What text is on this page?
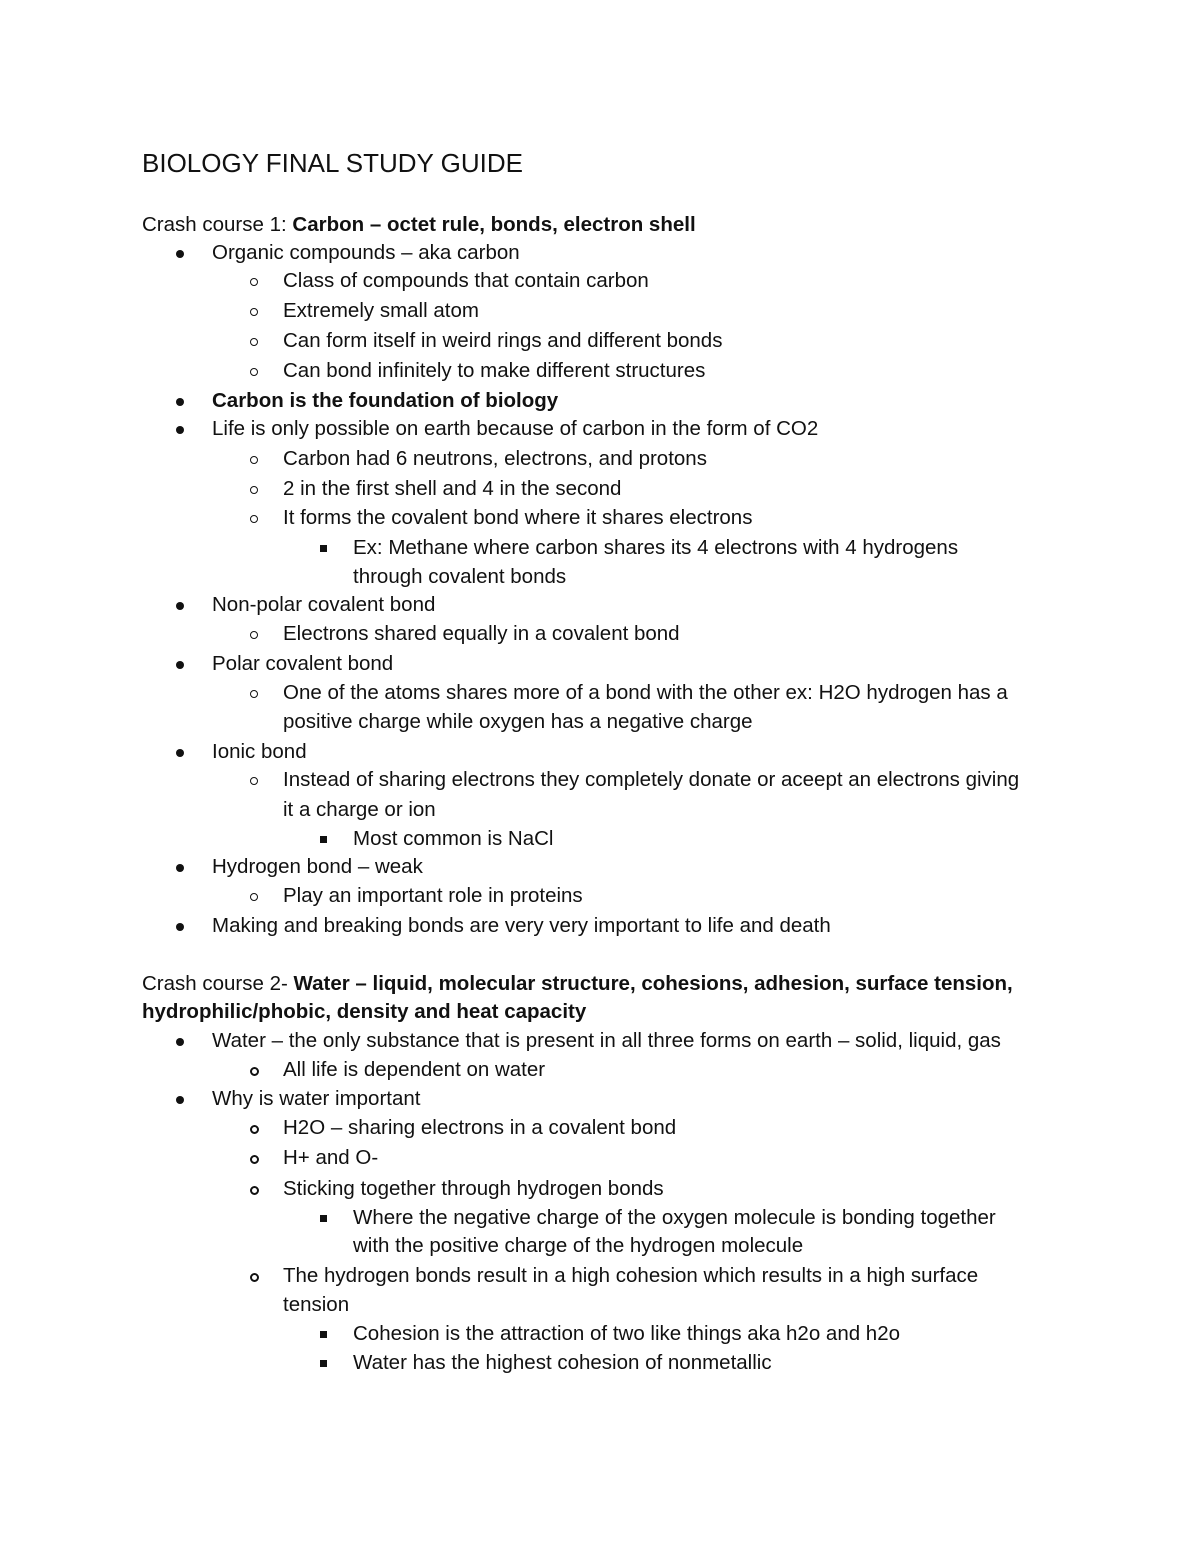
BIOLOGY FINAL STUDY GUIDE
Crash course 1: Carbon – octet rule, bonds, electron shell
Organic compounds – aka carbon
Class of compounds that contain carbon
Extremely small atom
Can form itself in weird rings and different bonds
Can bond infinitely to make different structures
Carbon is the foundation of biology
Life is only possible on earth because of carbon in the form of CO2
Carbon had 6 neutrons, electrons, and protons
2 in the first shell and 4 in the second
It forms the covalent bond where it shares electrons
Ex: Methane where carbon shares its 4 electrons with 4 hydrogens
through covalent bonds
Non-polar covalent bond
Electrons shared equally in a covalent bond
Polar covalent bond
One of the atoms shares more of a bond with the other ex: H2O hydrogen has a
positive charge while oxygen has a negative charge
Ionic bond
Instead of sharing electrons they completely donate or aceept an electrons giving
it a charge or ion
Most common is NaCl
Hydrogen bond – weak
Play an important role in proteins
Making and breaking bonds are very very important to life and death
Crash course 2- Water – liquid, molecular structure, cohesions, adhesion, surface tension,
hydrophilic/phobic, density and heat capacity
Water – the only substance that is present in all three forms on earth – solid, liquid, gas
All life is dependent on water
Why is water important
H2O – sharing electrons in a covalent bond
H+ and O-
Sticking together through hydrogen bonds
Where the negative charge of the oxygen molecule is bonding together
with the positive charge of the hydrogen molecule
The hydrogen bonds result in a high cohesion which results in a high surface
tension
Cohesion is the attraction of two like things aka h2o and h2o
Water has the highest cohesion of nonmetallic
